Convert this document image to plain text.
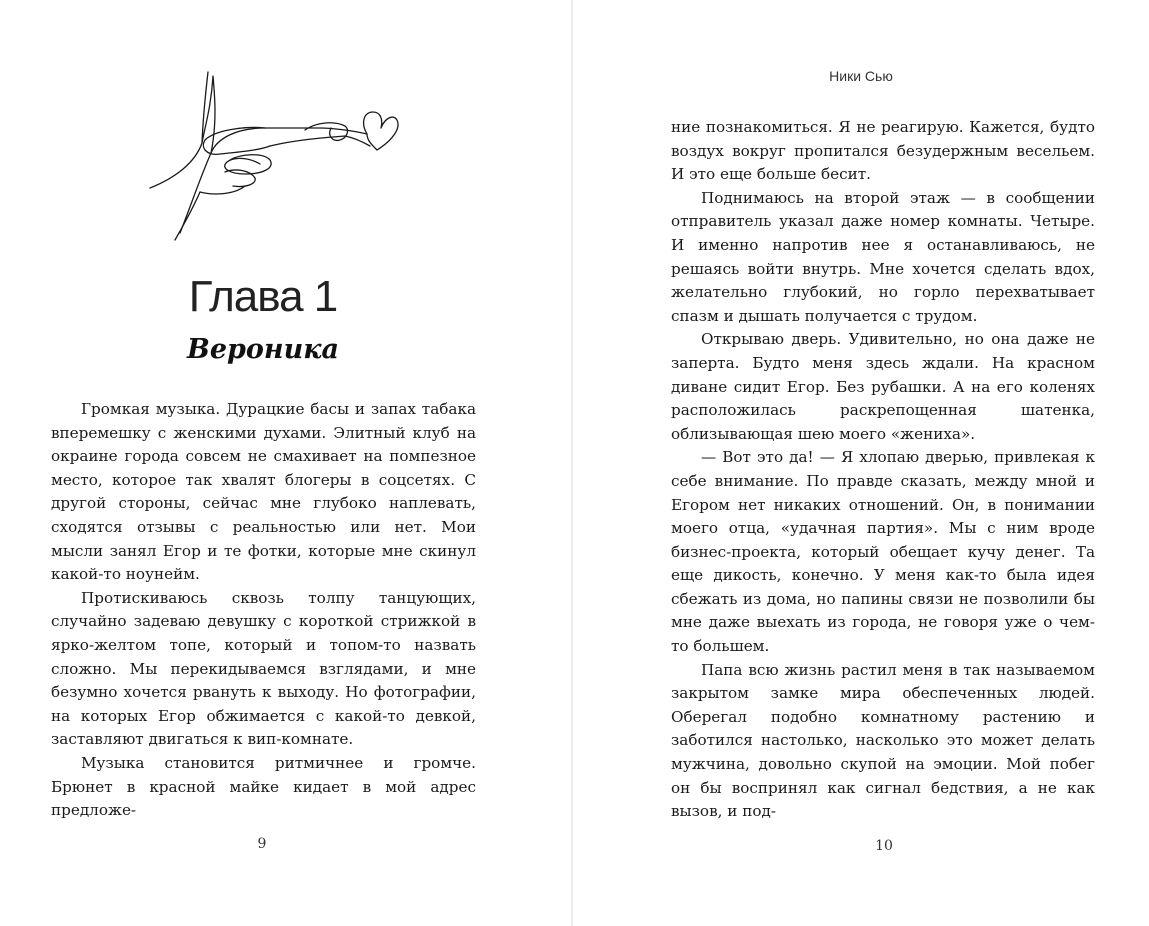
Глава 1
Вероника

Громкая музыка. Дурацкие басы и запах табака вперемешку с женскими духами. Элитный клуб на окраине города совсем не смахивает на помпезное место, которое так хвалят блогеры в соцсетях. С другой стороны, сейчас мне глубоко наплевать, сходятся отзывы с реальностью или нет. Мои мысли занял Егор и те фотки, которые мне скинул какой-то ноунейм.

Протискиваюсь сквозь толпу танцующих, случайно задеваю девушку с короткой стрижкой в ярко-желтом топе, который и топом-то назвать сложно. Мы перекидываемся взглядами, и мне безумно хочется рвануть к выходу. Но фотографии, на которых Егор обжимается с какой-то девкой, заставляют двигаться к вип-комнате.

Музыка становится ритмичнее и громче. Брюнет в красной майке кидает в мой адрес предложе-

9
Ники Сью

ние познакомиться. Я не реагирую. Кажется, будто воздух вокруг пропитался безудержным весельем. И это еще больше бесит.

Поднимаюсь на второй этаж — в сообщении отправитель указал даже номер комнаты. Четыре. И именно напротив нее я останавливаюсь, не решаясь войти внутрь. Мне хочется сделать вдох, желательно глубокий, но горло перехватывает спазм и дышать получается с трудом.

Открываю дверь. Удивительно, но она даже не заперта. Будто меня здесь ждали. На красном диване сидит Егор. Без рубашки. А на его коленях расположилась раскрепощенная шатенка, облизывающая шею моего «жениха».

— Вот это да! — Я хлопаю дверью, привлекая к себе внимание. По правде сказать, между мной и Егором нет никаких отношений. Он, в понимании моего отца, «удачная партия». Мы с ним вроде бизнес-проекта, который обещает кучу денег. Та еще дикость, конечно. У меня как-то была идея сбежать из дома, но папины связи не позволили бы мне даже выехать из города, не говоря уже о чем-то большем.

Папа всю жизнь растил меня в так называемом закрытом замке мира обеспеченных людей. Оберегал подобно комнатному растению и заботился настолько, насколько это может делать мужчина, довольно скупой на эмоции. Мой побег он бы воспринял как сигнал бедствия, а не как вызов, и под-

10
